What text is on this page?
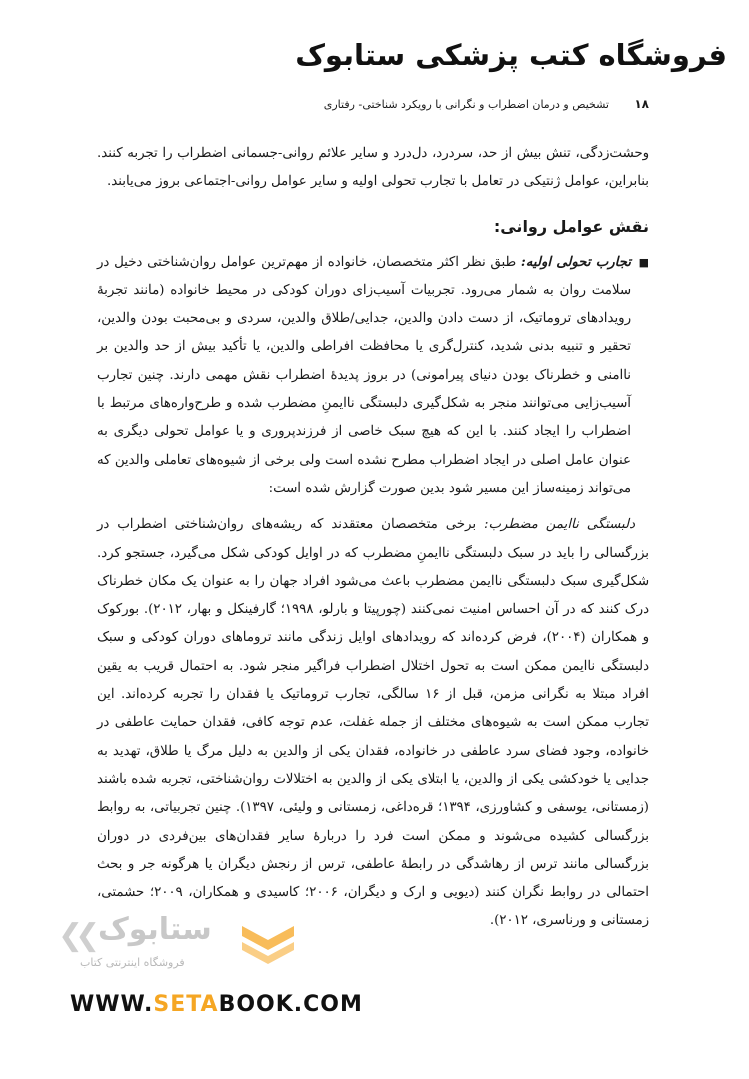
فروشگاه کتب پزشکی ستابوک
۱۸
تشخیص و درمان اضطراب و نگرانی با رویکرد شناختی- رفتاری

وحشت‌زدگی، تنش بیش از حد، سردرد، دل‌درد و سایر علائم روانی-جسمانی اضطراب را تجربه کنند. بنابراین، عوامل ژنتیکی در تعامل با تجارب تحولی اولیه و سایر عوامل روانی-اجتماعی بروز می‌یابند.

نقش عوامل روانی:

■
تجارب تحولی اولیه: طبق نظر اکثر متخصصان، خانواده از مهم‌ترین عوامل روان‌شناختی دخیل در سلامت روان به شمار می‌رود. تجربیات آسیب‌زای دوران کودکی در محیط خانواده (مانند تجربهٔ رویدادهای تروماتیک، از دست دادن والدین، جدایی/طلاق والدین، سردی و بی‌محبت بودن والدین، تحقیر و تنبیه بدنی شدید، کنترل‌گری یا محافظت افراطی والدین، یا تأکید بیش از حد والدین بر ناامنی و خطرناک بودن دنیای پیرامونی) در بروز پدیدهٔ اضطراب نقش مهمی دارند. چنین تجارب آسیب‌زایی می‌توانند منجر به شکل‌گیری دلبستگی ناایمنِ مضطرب شده و طرح‌واره‌های مرتبط با اضطراب را ایجاد کنند. با این که هیچ سبک خاصی از فرزندپروری و یا عوامل تحولی دیگری به عنوان عامل اصلی در ایجاد اضطراب مطرح نشده است ولی برخی از شیوه‌های تعاملی والدین که می‌تواند زمینه‌ساز این مسیر شود بدین صورت گزارش شده است:

دلبستگی ناایمن مضطرب: برخی متخصصان معتقدند که ریشه‌های روان‌شناختی اضطراب در بزرگسالی را باید در سبک دلبستگی ناایمنِ مضطرب که در اوایل کودکی شکل می‌گیرد، جستجو کرد. شکل‌گیری سبک دلبستگی ناایمن مضطرب باعث می‌شود افراد جهان را به عنوان یک مکان خطرناک درک کنند که در آن احساس امنیت نمی‌کنند (چورپیتا و بارلو، ۱۹۹۸؛ گارفینکل و بهار، ۲۰۱۲). بورکوک و همکاران (۲۰۰۴)، فرض کرده‌اند که رویدادهای اوایل زندگی مانند تروماهای دوران کودکی و سبک دلبستگی ناایمن ممکن است به تحول اختلال اضطراب فراگیر منجر شود. به احتمال قریب به یقین افراد مبتلا به نگرانی مزمن، قبل از ۱۶ سالگی، تجارب تروماتیک یا فقدان را تجربه کرده‌اند. این تجارب ممکن است به شیوه‌های مختلف از جمله غفلت، عدم توجه کافی، فقدان حمایت عاطفی در خانواده، وجود فضای سرد عاطفی در خانواده، فقدان یکی از والدین به دلیل مرگ یا طلاق، تهدید به جدایی یا خودکشی یکی از والدین، یا ابتلای یکی از والدین به اختلالات روان‌شناختی، تجربه شده باشند (زمستانی، یوسفی و کشاورزی، ۱۳۹۴؛ قره‌داغی، زمستانی و ولیئی، ۱۳۹۷). چنین تجربیاتی، به روابط بزرگسالی کشیده می‌شوند و ممکن است فرد را دربارهٔ سایر فقدان‌های بین‌فردی در دوران بزرگسالی مانند ترس از رهاشدگی در رابطهٔ عاطفی، ترس از رنجش دیگران یا هرگونه جر و بحث احتمالی در روابط نگران کنند (دیویی و ارک و دیگران، ۲۰۰۶؛ کاسیدی و همکاران، ۲۰۰۹؛ حشمتی، زمستانی و ورناسری، ۲۰۱۲).

❮❮ ستابوک
فروشگاه اینترنتی کتاب
WWW.SETABOOK.COM
